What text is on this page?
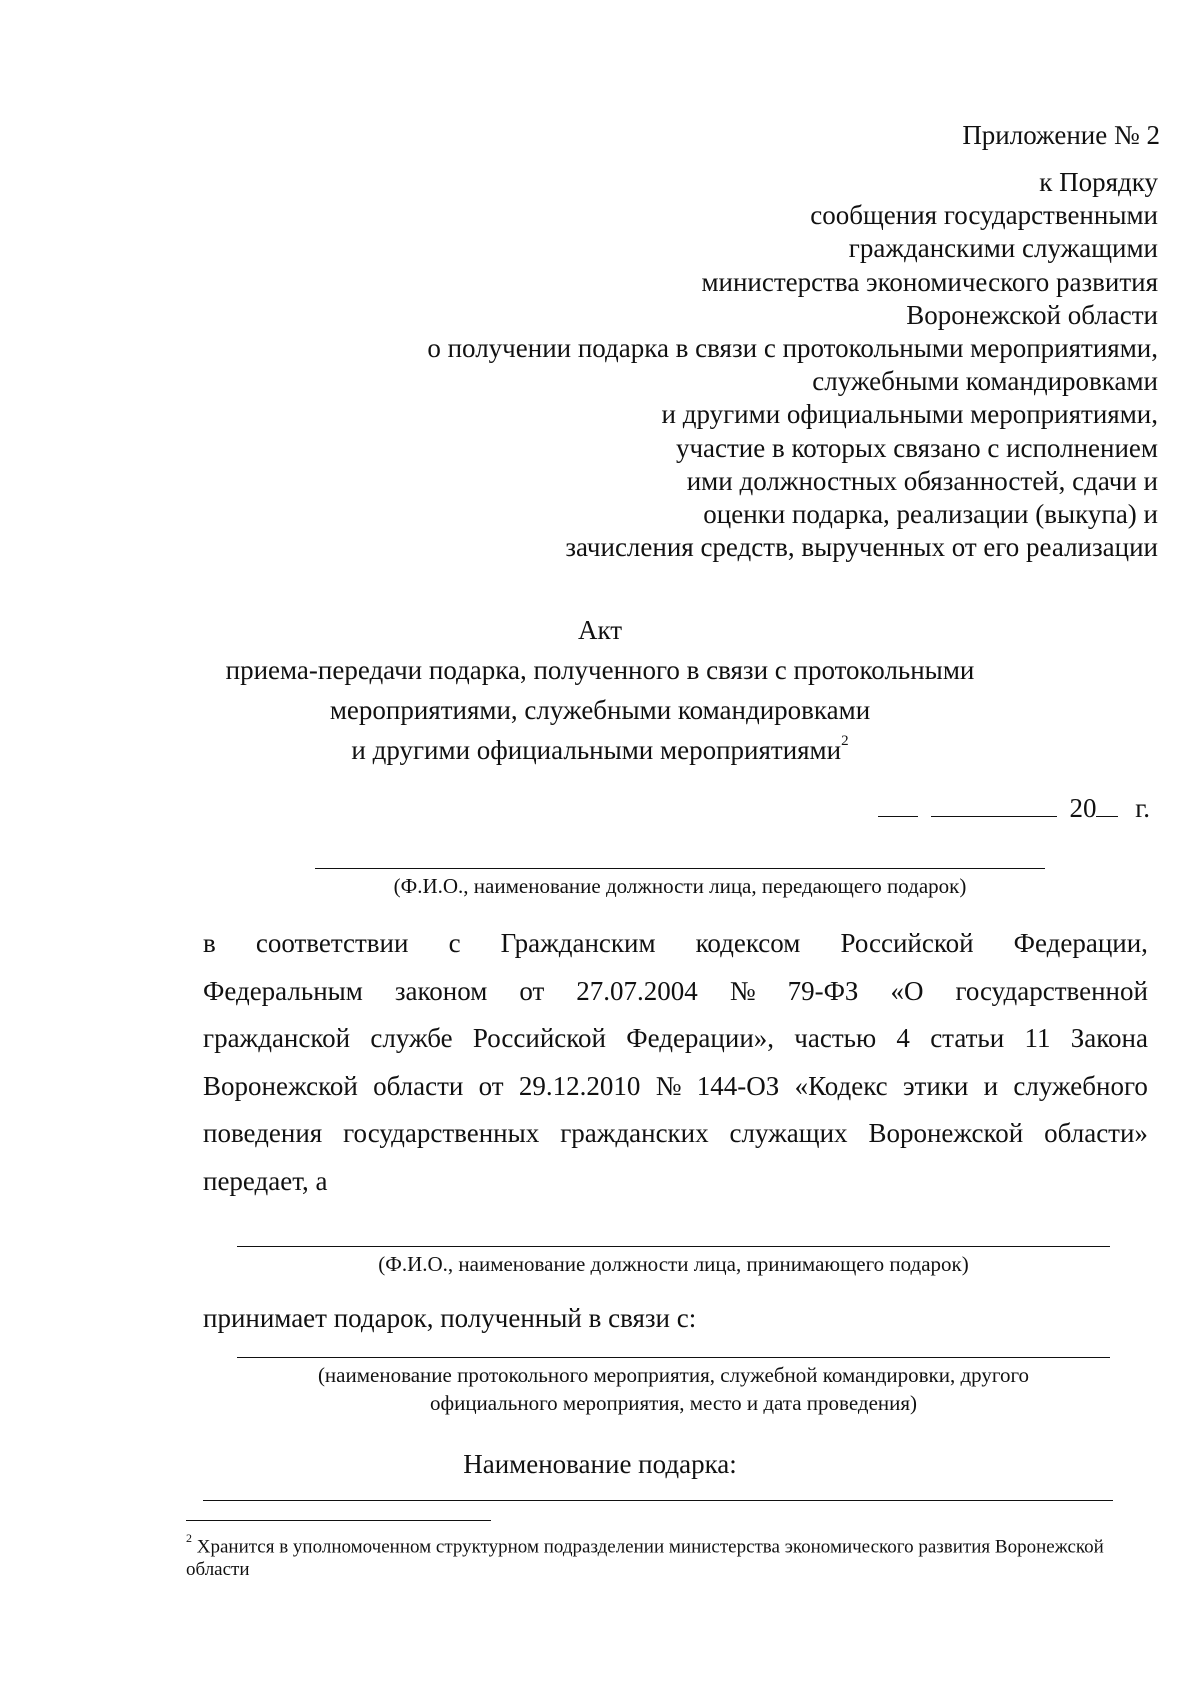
Приложение № 2
к Порядку
сообщения государственными
гражданскими служащими
министерства экономического развития
Воронежской области
о получении подарка в связи с протокольными мероприятиями,
служебными командировками
и другими официальными мероприятиями,
участие в которых связано с исполнением
ими должностных обязанностей, сдачи и
оценки подарка, реализации (выкупа) и
зачисления средств, вырученных от его реализации
Акт
приема-передачи подарка, полученного в связи с протокольными
мероприятиями, служебными командировками
и другими официальными мероприятиями$^2$
20 г.
(Ф.И.О., наименование должности лица, передающего подарок)
в соответствии с Гражданским кодексом Российской Федерации,
Федеральным законом от 27.07.2004 № 79-ФЗ «О государственной
гражданской службе Российской Федерации», частью 4 статьи 11 Закона
Воронежской области от 29.12.2010 № 144-ОЗ «Кодекс этики и служебного
поведения государственных гражданских служащих Воронежской области»
передает, а
(Ф.И.О., наименование должности лица, принимающего подарок)
принимает подарок, полученный в связи с:
(наименование протокольного мероприятия, служебной командировки, другого
официального мероприятия, место и дата проведения)
Наименование подарка:
$^2$ Хранится в уполномоченном структурном подразделении министерства экономического развития Воронежской области
